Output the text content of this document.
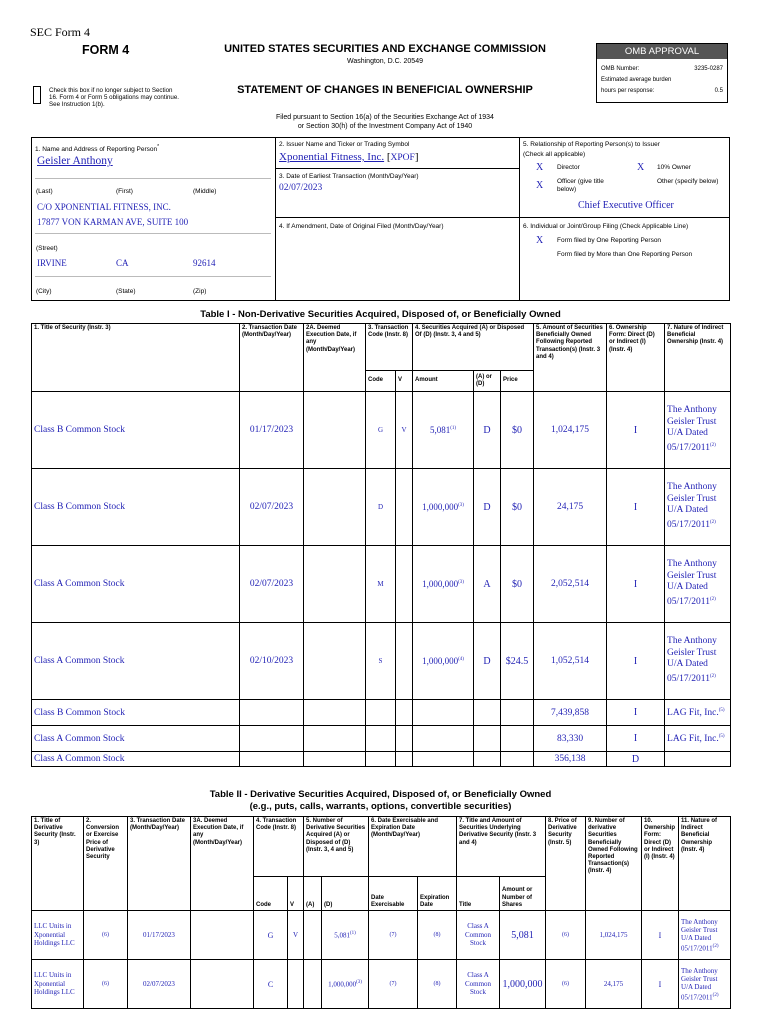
SEC Form 4
FORM 4	UNITED STATES SECURITIES AND EXCHANGE COMMISSION
Washington, D.C. 20549
Check this box if no longer subject to Section 16. Form 4 or Form 5 obligations may continue. See Instruction 1(b).
STATEMENT OF CHANGES IN BENEFICIAL OWNERSHIP
Filed pursuant to Section 16(a) of the Securities Exchange Act of 1934
or Section 30(h) of the Investment Company Act of 1940
OMB APPROVAL
OMB Number:	3235-0287
Estimated average burden
hours per response:	0.5
1. Name and Address of Reporting Person*
Geisler Anthony
(Last)	(First)	(Middle)
C/O XPONENTIAL FITNESS, INC.
17877 VON KARMAN AVE, SUITE 100
(Street)
IRVINE	CA	92614
(City)	(State)	(Zip)
2. Issuer Name and Ticker or Trading Symbol
Xponential Fitness, Inc. [XPOF]
3. Date of Earliest Transaction (Month/Day/Year)
02/07/2023
4. If Amendment, Date of Original Filed (Month/Day/Year)
5. Relationship of Reporting Person(s) to Issuer
(Check all applicable)
X Director	X 10% Owner
X Officer (give title below)
Other (specify below)
Chief Executive Officer
6. Individual or Joint/Group Filing (Check Applicable Line)
X Form filed by One Reporting Person
Form filed by More than One Reporting Person
Table I - Non-Derivative Securities Acquired, Disposed of, or Beneficially Owned
1. Title of Security (Instr. 3)	2. Transaction Date (Month/Day/Year)	2A. Deemed Execution Date, if any (Month/Day/Year)	3. Transaction Code (Instr. 8)		4. Securities Acquired (A) or Disposed Of (D) (Instr. 3, 4 and 5)			5. Amount of Securities Beneficially Owned Following Reported Transaction(s) (Instr. 3 and 4)	6. Ownership Form: Direct (D) or Indirect (I) (Instr. 4)	7. Nature of Indirect Beneficial Ownership (Instr. 4)
			Code	V	Amount	(A) or (D)	Price			
Class B Common Stock	01/17/2023		G	V	5,081$^{(1)}$	D	$0	1,024,175	I	The Anthony Geisler Trust U/A Dated 05/17/2011$^{(2)}$
Class B Common Stock	02/07/2023		D		1,000,000$^{(3)}$	D	$0	24,175	I	The Anthony Geisler Trust U/A Dated 05/17/2011$^{(2)}$
Class A Common Stock	02/07/2023		M		1,000,000$^{(3)}$	A	$0	2,052,514	I	The Anthony Geisler Trust U/A Dated 05/17/2011$^{(2)}$
Class A Common Stock	02/10/2023		S		1,000,000$^{(4)}$	D	$24.5	1,052,514	I	The Anthony Geisler Trust U/A Dated 05/17/2011$^{(2)}$
Class B Common Stock								7,439,858	I	LAG Fit, Inc.$^{(5)}$
Class A Common Stock								83,330	I	LAG Fit, Inc.$^{(5)}$
Class A Common Stock								356,138	D	
Table II - Derivative Securities Acquired, Disposed of, or Beneficially Owned
(e.g., puts, calls, warrants, options, convertible securities)
1. Title of Derivative Security (Instr. 3)	2. Conversion or Exercise Price of Derivative Security	3. Transaction Date (Month/Day/Year)	3A. Deemed Execution Date, if any (Month/Day/Year)	4. Transaction Code (Instr. 8)		5. Number of Derivative Securities Acquired (A) or Disposed of (D) (Instr. 3, 4 and 5)		6. Date Exercisable and Expiration Date (Month/Day/Year)		7. Title and Amount of Securities Underlying Derivative Security (Instr. 3 and 4)		8. Price of Derivative Security (Instr. 5)	9. Number of derivative Securities Beneficially Owned Following Reported Transaction(s) (Instr. 4)	10. Ownership Form: Direct (D) or Indirect (I) (Instr. 4)	11. Nature of Indirect Beneficial Ownership (Instr. 4)
				Code	V	(A)	(D)	Date Exercisable	Expiration Date	Title	Amount or Number of Shares				
LLC Units in Xponential Holdings LLC	(6)	01/17/2023		G	V		5,081$^{(1)}$	(7)	(8)	Class A Common Stock	5,081	(6)	1,024,175	I	The Anthony Geisler Trust U/A Dated 05/17/2011$^{(2)}$
LLC Units in Xponential Holdings LLC	(6)	02/07/2023		C			1,000,000$^{(3)}$	(7)	(8)	Class A Common Stock	1,000,000	(6)	24,175	I	The Anthony Geisler Trust U/A Dated 05/17/2011$^{(2)}$
